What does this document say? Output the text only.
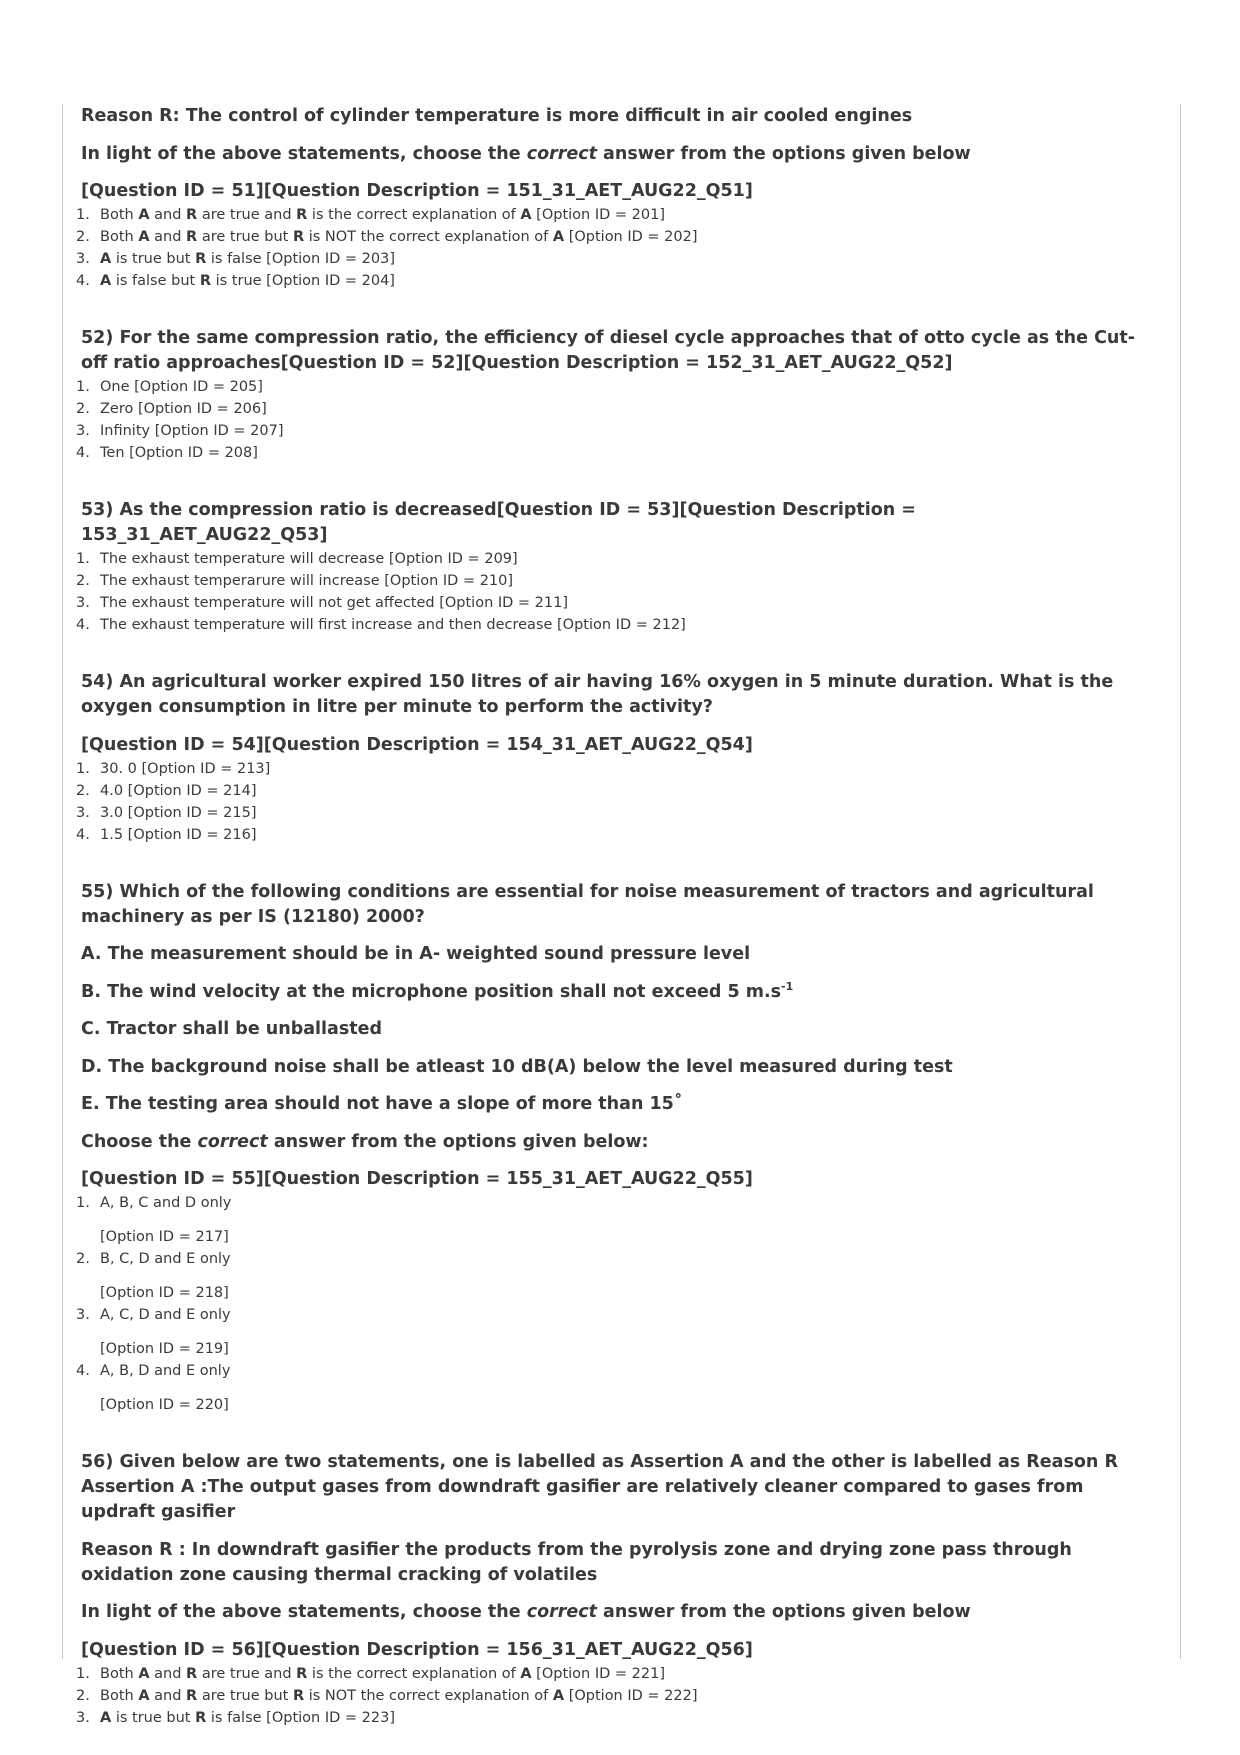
Reason R: The control of cylinder temperature is more difficult in air cooled engines
In light of the above statements, choose the correct answer from the options given below
[Question ID = 51][Question Description = 151_31_AET_AUG22_Q51]
1. Both A and R are true and R is the correct explanation of A [Option ID = 201]
2. Both A and R are true but R is NOT the correct explanation of A [Option ID = 202]
3. A is true but R is false [Option ID = 203]
4. A is false but R is true [Option ID = 204]
52) For the same compression ratio, the efficiency of diesel cycle approaches that of otto cycle as the Cut-off ratio approaches[Question ID = 52][Question Description = 152_31_AET_AUG22_Q52]
1. One [Option ID = 205]
2. Zero [Option ID = 206]
3. Infinity [Option ID = 207]
4. Ten [Option ID = 208]
53) As the compression ratio is decreased[Question ID = 53][Question Description = 153_31_AET_AUG22_Q53]
1. The exhaust temperature will decrease [Option ID = 209]
2. The exhaust temperarure will increase [Option ID = 210]
3. The exhaust temperature will not get affected [Option ID = 211]
4. The exhaust temperature will first increase and then decrease [Option ID = 212]
54) An agricultural worker expired 150 litres of air having 16% oxygen in 5 minute duration. What is the oxygen consumption in litre per minute to perform the activity?
[Question ID = 54][Question Description = 154_31_AET_AUG22_Q54]
1. 30. 0 [Option ID = 213]
2. 4.0 [Option ID = 214]
3. 3.0 [Option ID = 215]
4. 1.5 [Option ID = 216]
55) Which of the following conditions are essential for noise measurement of tractors and agricultural machinery as per IS (12180) 2000?
A. The measurement should be in A- weighted sound pressure level
B. The wind velocity at the microphone position shall not exceed 5 $m.s^{-1}$
C. Tractor shall be unballasted
D. The background noise shall be atleast 10 dB(A) below the level measured during test
E. The testing area should not have a slope of more than 15˚
Choose the correct answer from the options given below:
[Question ID = 55][Question Description = 155_31_AET_AUG22_Q55]
1. A, B, C and D only
[Option ID = 217]
2. B, C, D and E only
[Option ID = 218]
3. A, C, D and E only
[Option ID = 219]
4. A, B, D and E only
[Option ID = 220]
56) Given below are two statements, one is labelled as Assertion A and the other is labelled as Reason R
Assertion A :The output gases from downdraft gasifier are relatively cleaner compared to gases from updraft gasifier
Reason R : In downdraft gasifier the products from the pyrolysis zone and drying zone pass through oxidation zone causing thermal cracking of volatiles
In light of the above statements, choose the correct answer from the options given below
[Question ID = 56][Question Description = 156_31_AET_AUG22_Q56]
1. Both A and R are true and R is the correct explanation of A [Option ID = 221]
2. Both A and R are true but R is NOT the correct explanation of A [Option ID = 222]
3. A is true but R is false [Option ID = 223]
